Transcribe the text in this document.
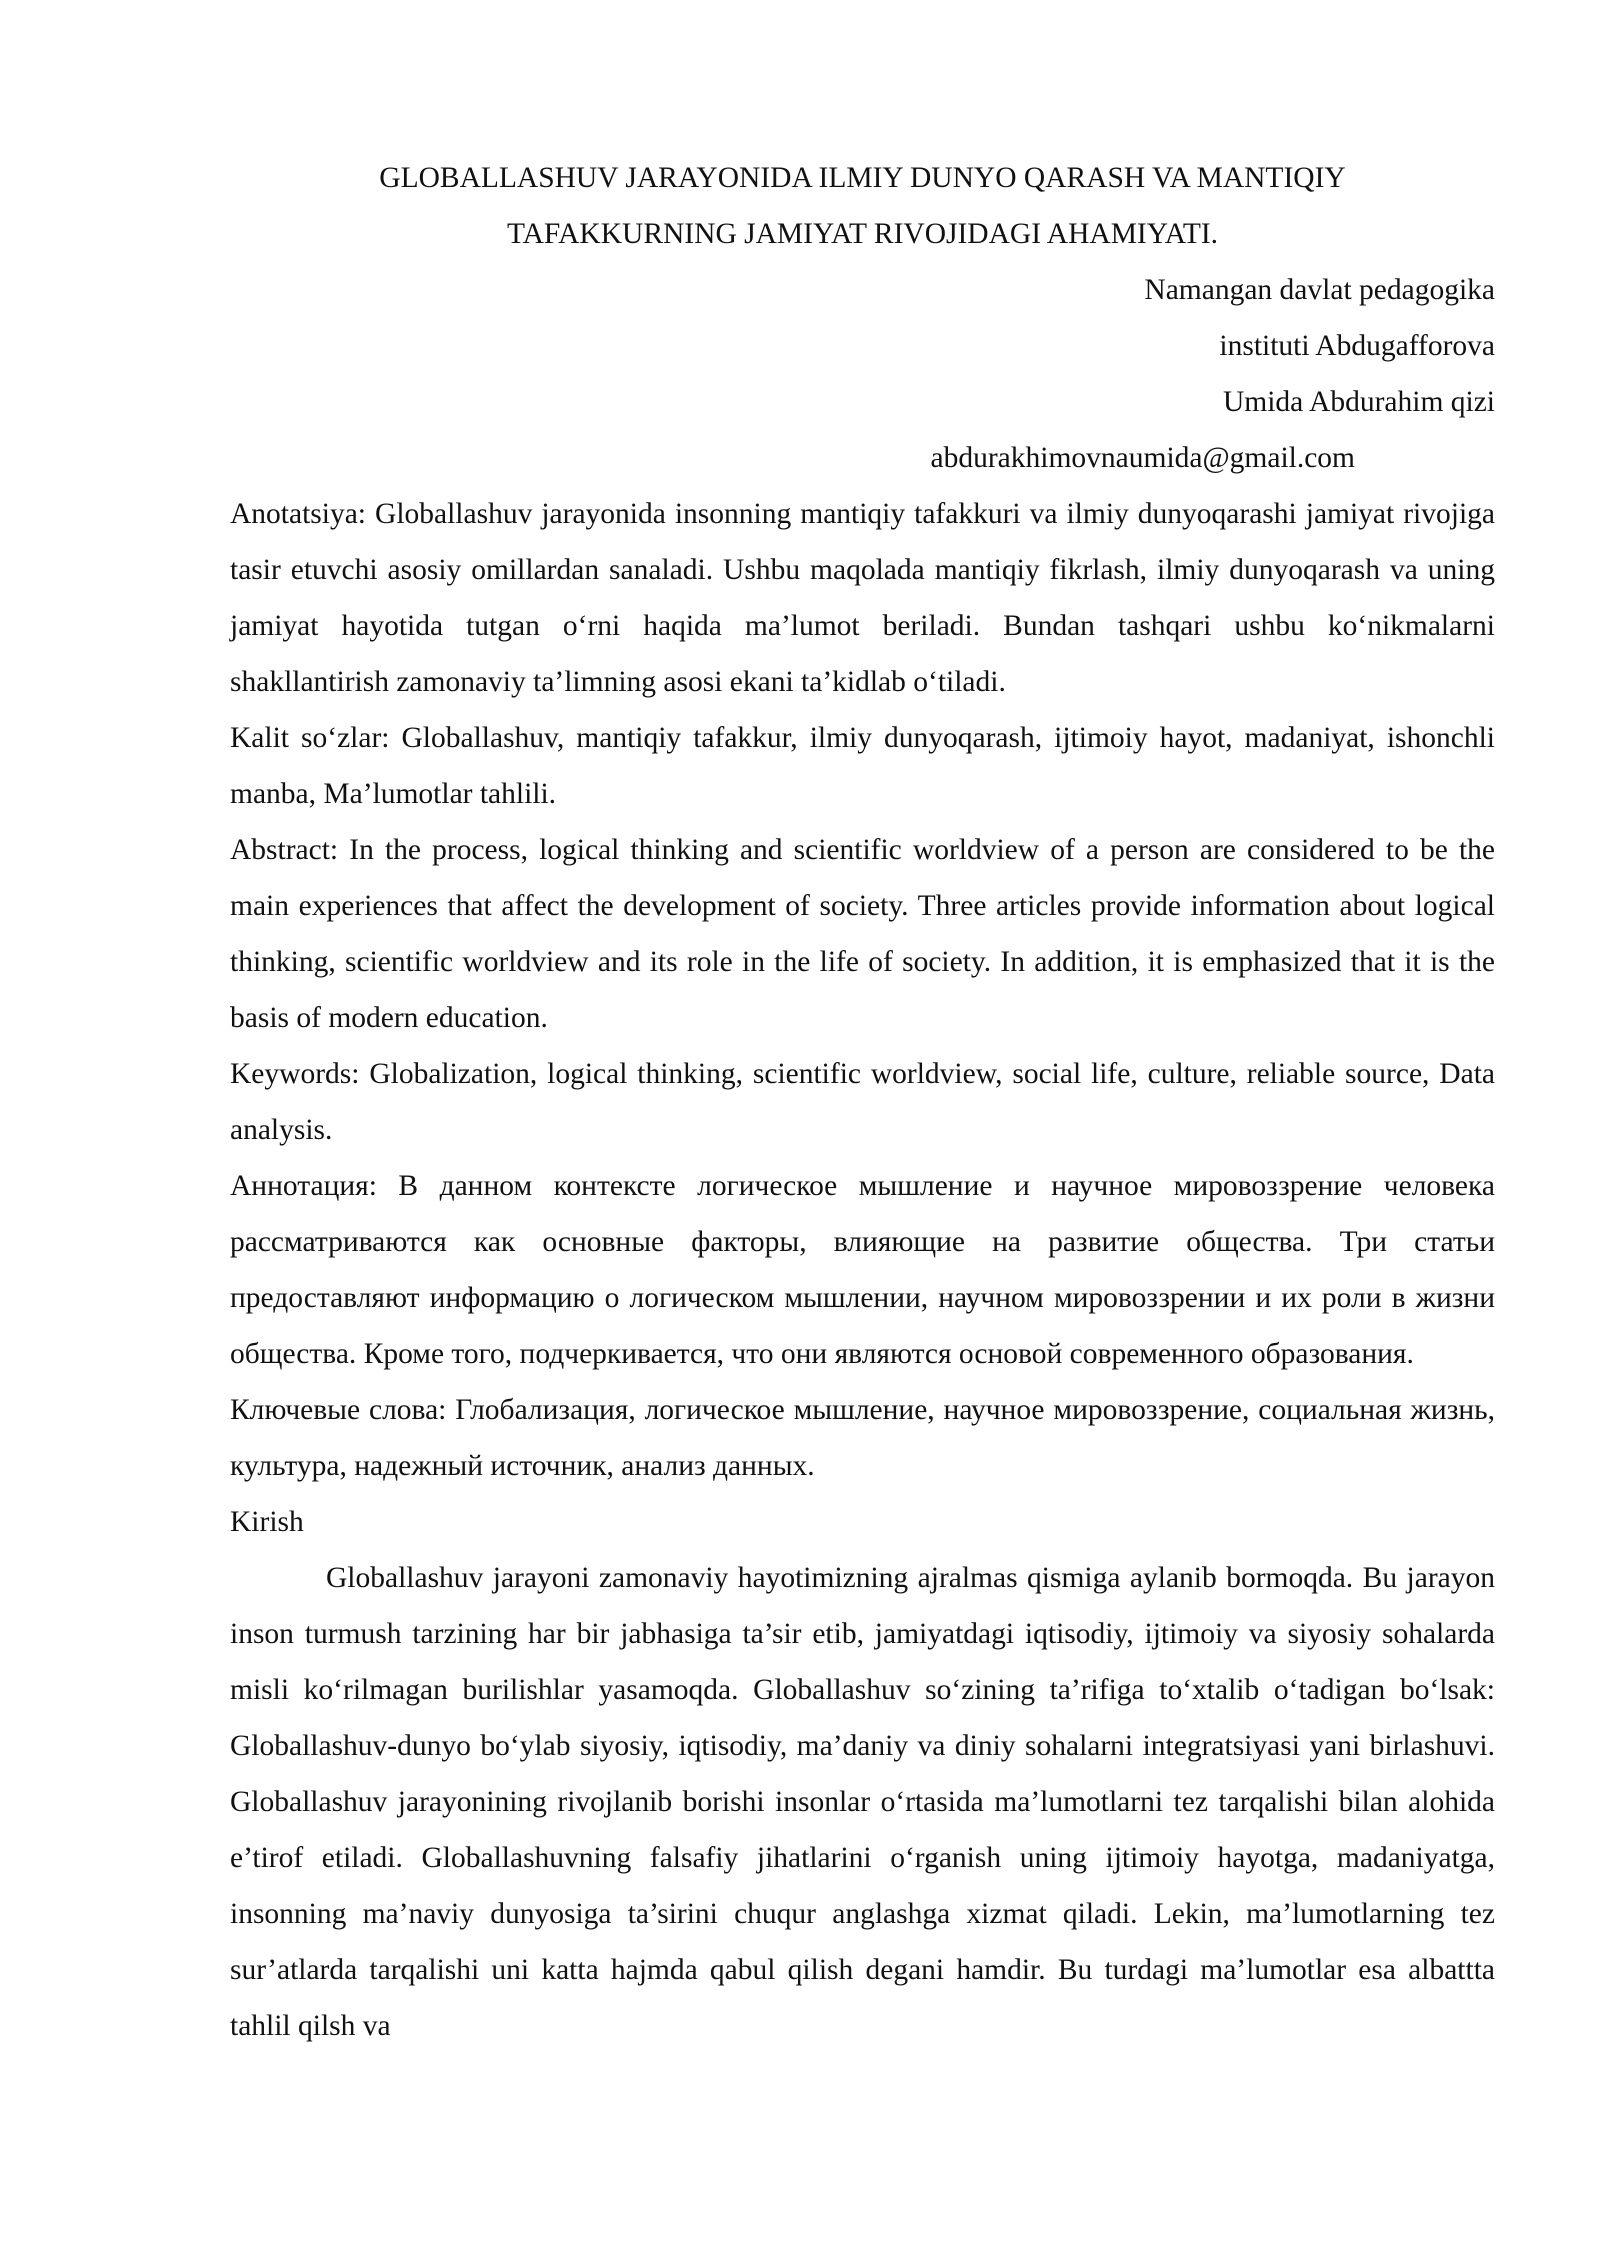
GLOBALLASHUV JARAYONIDA ILMIY DUNYO QARASH VA MANTIQIY
TAFAKKURNING JAMIYAT RIVOJIDAGI AHAMIYATI.
Namangan davlat pedagogika
instituti Abdugafforova
Umida Abdurahim qizi

abdurakhimovnaumida@gmail.com

Anotatsiya: Globallashuv jarayonida insonning mantiqiy tafakkuri va ilmiy dunyoqarashi jamiyat rivojiga tasir etuvchi asosiy omillardan sanaladi. Ushbu maqolada mantiqiy fikrlash, ilmiy dunyoqarash va uning jamiyat hayotida tutgan o‘rni haqida ma’lumot beriladi. Bundan tashqari ushbu ko‘nikmalarni shakllantirish zamonaviy ta’limning asosi ekani ta’kidlab o‘tiladi.

Kalit so‘zlar: Globallashuv, mantiqiy tafakkur, ilmiy dunyoqarash, ijtimoiy hayot, madaniyat, ishonchli manba, Ma’lumotlar tahlili.

Abstract: In the process, logical thinking and scientific worldview of a person are considered to be the main experiences that affect the development of society. Three articles provide information about logical thinking, scientific worldview and its role in the life of society. In addition, it is emphasized that it is the basis of modern education.

Keywords: Globalization, logical thinking, scientific worldview, social life, culture, reliable source, Data analysis.

Аннотация: В данном контексте логическое мышление и научное мировоззрение человека рассматриваются как основные факторы, влияющие на развитие общества. Три статьи предоставляют информацию о логическом мышлении, научном мировоззрении и их роли в жизни общества. Кроме того, подчеркивается, что они являются основой современного образования.

Ключевые слова: Глобализация, логическое мышление, научное мировоззрение, социальная жизнь, культура, надежный источник, анализ данных.

Kirish

Globallashuv jarayoni zamonaviy hayotimizning ajralmas qismiga aylanib bormoqda. Bu jarayon inson turmush tarzining har bir jabhasiga ta’sir etib, jamiyatdagi iqtisodiy, ijtimoiy va siyosiy sohalarda misli ko‘rilmagan burilishlar yasamoqda. Globallashuv so‘zining ta’rifiga to‘xtalib o‘tadigan bo‘lsak: Globallashuv-dunyo bo‘ylab siyosiy, iqtisodiy, ma’daniy va diniy sohalarni integratsiyasi yani birlashuvi. Globallashuv jarayonining rivojlanib borishi insonlar o‘rtasida ma’lumotlarni tez tarqalishi bilan alohida e’tirof etiladi. Globallashuvning falsafiy jihatlarini o‘rganish uning ijtimoiy hayotga, madaniyatga, insonning ma’naviy dunyosiga ta’sirini chuqur anglashga xizmat qiladi. Lekin, ma’lumotlarning tez sur’atlarda tarqalishi uni katta hajmda qabul qilish degani hamdir. Bu turdagi ma’lumotlar esa albattta tahlil qilsh va
